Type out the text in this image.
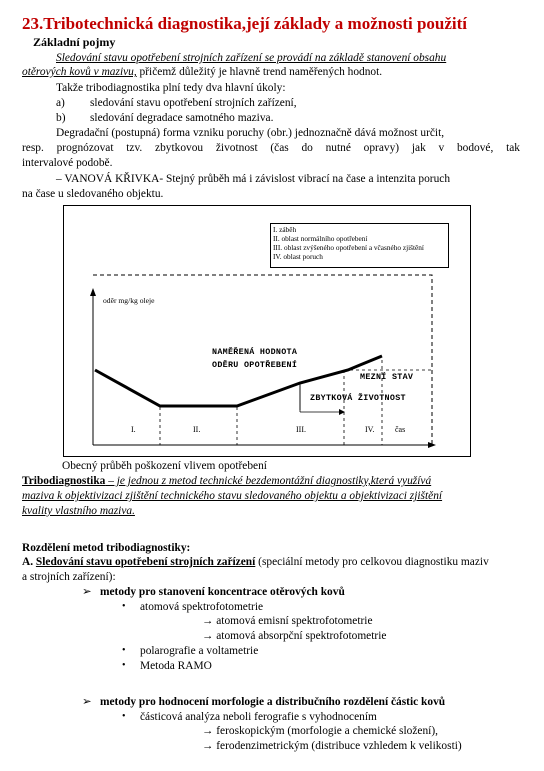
23.Tribotechnická diagnostika,její základy a možnosti použití
Základní pojmy
Sledování stavu opotřebení strojních zařízení se provádí na základě stanovení obsahu
otěrových kovů v mazivu, přičemž důležitý je hlavně trend naměřených hodnot.
Takže tribodiagnostika plní tedy dva hlavní úkoly:
a) sledování stavu opotřebení strojních zařízení,
b) sledování degradace samotného maziva.
Degradační (postupná) forma vzniku poruchy (obr.) jednoznačně dává možnost určit,
resp. prognózovat tzv. zbytkovou životnost (čas do nutné opravy) jak v bodové, tak
intervalové podobě.
– VANOVÁ KŘIVKA- Stejný průběh má i závislost vibrací na čase a intenzita poruch
na čase u sledovaného objektu.
I. záběh
II. oblast normálního opotřebení
III. oblast zvýšeného opotřebení a včasného zjištění
IV. oblast poruch
oděr mg/kg oleje
NAMĚŘENÁ HODNOTA
ODĚRU OPOTŘEBENÍ
MEZNÍ STAV
ZBYTKOVÁ ŽIVOTNOST
I.	II.	III.	IV.	čas
Obecný průběh poškození vlivem opotřebení
Tribodiagnostika – je jednou z metod technické bezdemontážní diagnostiky,která využívá
maziva k objektivizaci zjištění technického stavu sledovaného objektu a objektivizaci zjištění
kvality vlastního maziva.
Rozdělení metod tribodiagnostiky:
A. Sledování stavu opotřebení strojních zařízení (speciální metody pro celkovou diagnostiku maziv
a strojních zařízení):
➢ metody pro stanovení koncentrace otěrových kovů
• atomová spektrofotometrie
→ atomová emisní spektrofotometrie
→ atomová absorpční spektrofotometrie
• polarografie a voltametrie
• Metoda RAMO
➢ metody pro hodnocení morfologie a distribučního rozdělení částic kovů
• částicová analýza neboli ferografie s vyhodnocením
→ feroskopickým (morfologie a chemické složení),
→ ferodenzimetrickým (distribuce vzhledem k velikosti)
